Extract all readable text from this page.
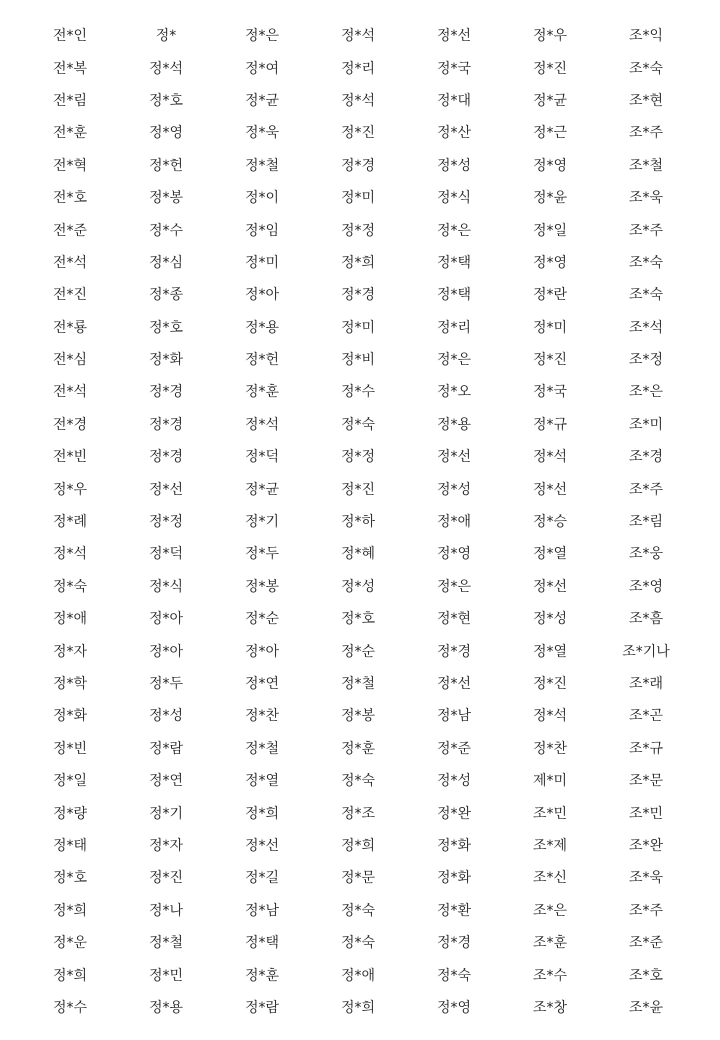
전*인	정*	정*은	정*석	정*선	정*우	조*익
전*복	정*석	정*여	정*리	정*국	정*진	조*숙
전*림	정*호	정*균	정*석	정*대	정*균	조*현
전*훈	정*영	정*욱	정*진	정*산	정*근	조*주
전*혁	정*헌	정*철	정*경	정*성	정*영	조*철
전*호	정*봉	정*이	정*미	정*식	정*윤	조*욱
전*준	정*수	정*임	정*정	정*은	정*일	조*주
전*석	정*심	정*미	정*희	정*택	정*영	조*숙
전*진	정*종	정*아	정*경	정*택	정*란	조*숙
전*룡	정*호	정*용	정*미	정*리	정*미	조*석
전*심	정*화	정*헌	정*비	정*은	정*진	조*정
전*석	정*경	정*훈	정*수	정*오	정*국	조*은
전*경	정*경	정*석	정*숙	정*용	정*규	조*미
전*빈	정*경	정*덕	정*정	정*선	정*석	조*경
정*우	정*선	정*균	정*진	정*성	정*선	조*주
정*례	정*정	정*기	정*하	정*애	정*승	조*림
정*석	정*덕	정*두	정*혜	정*영	정*열	조*웅
정*숙	정*식	정*봉	정*성	정*은	정*선	조*영
정*애	정*아	정*순	정*호	정*현	정*성	조*흠
정*자	정*아	정*아	정*순	정*경	정*열	조*기나
정*학	정*두	정*연	정*철	정*선	정*진	조*래
정*화	정*성	정*찬	정*봉	정*남	정*석	조*곤
정*빈	정*람	정*철	정*훈	정*준	정*찬	조*규
정*일	정*연	정*열	정*숙	정*성	제*미	조*문
정*량	정*기	정*희	정*조	정*완	조*민	조*민
정*태	정*자	정*선	정*희	정*화	조*제	조*완
정*호	정*진	정*길	정*문	정*화	조*신	조*욱
정*희	정*나	정*남	정*숙	정*환	조*은	조*주
정*운	정*철	정*택	정*숙	정*경	조*훈	조*준
정*희	정*민	정*훈	정*애	정*숙	조*수	조*호
정*수	정*용	정*람	정*희	정*영	조*창	조*윤
